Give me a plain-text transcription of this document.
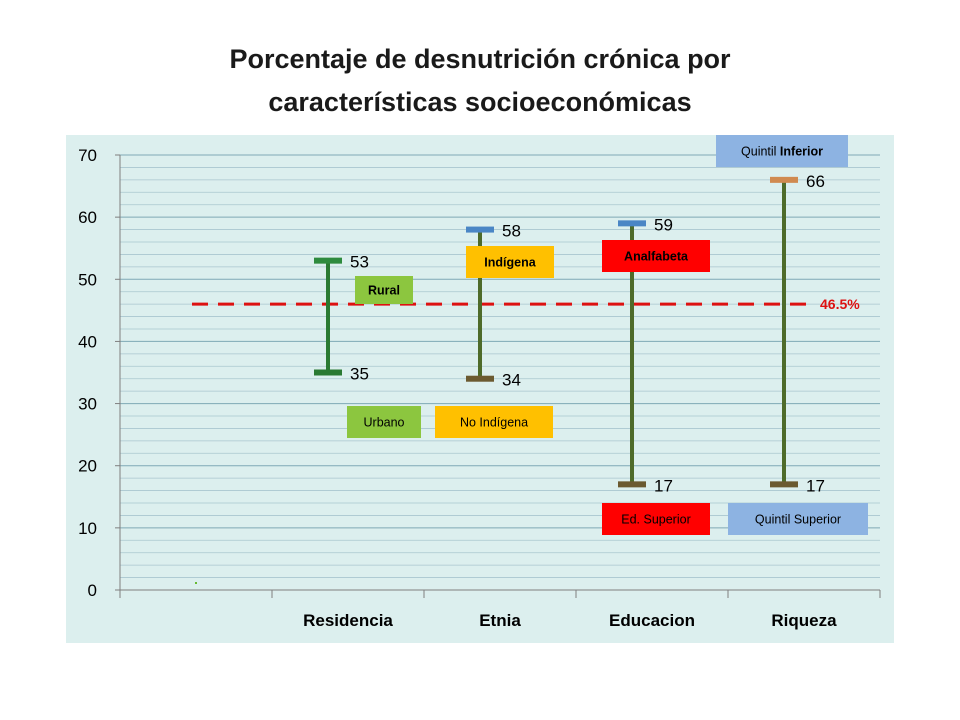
Porcentaje de desnutrición crónica por
características socioeconómicas
0
10
20
30
40
50
60
70
Residencia	Etnia	Educacion	Riqueza
46.5%
53
35
58
34
59
17
66
17
Rural
Urbano
Indígena
No Indígena
Analfabeta
Ed. Superior
Quintil Inferior
Quintil Superior
